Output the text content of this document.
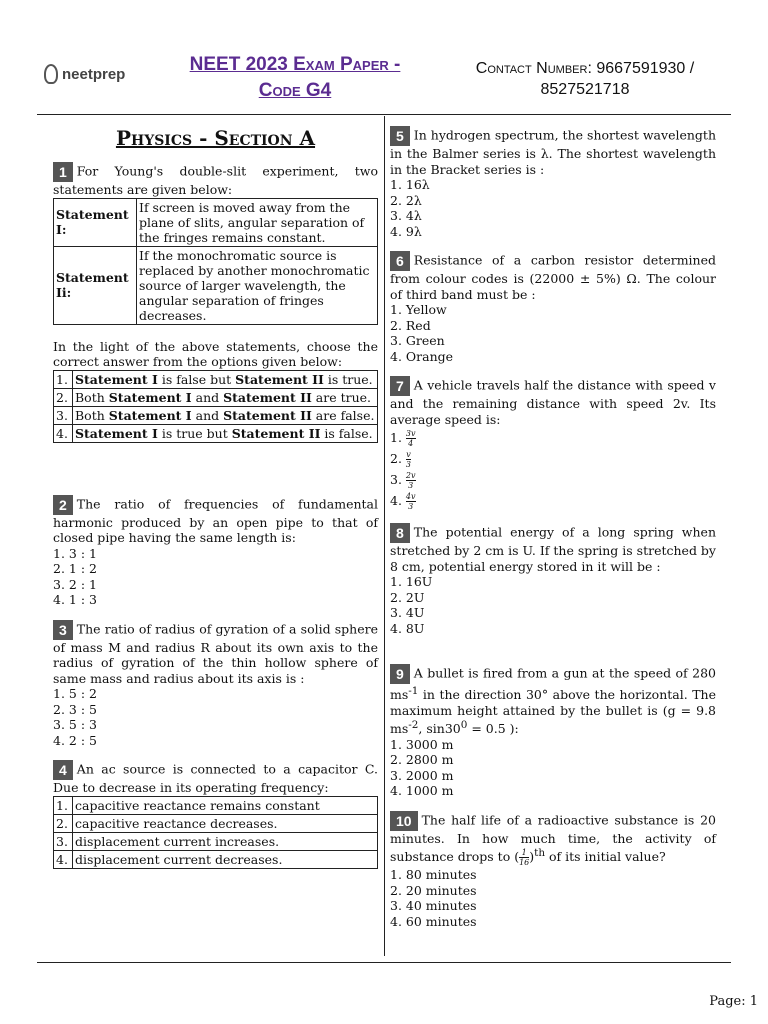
neetprep	NEET 2023 Exam Paper -
Code G4
Contact Number: 9667591930 /
8527521718
Physics - Section A

1 For Young's double-slit experiment, two statements are given below:

Statement I:	If screen is moved away from the plane of slits, angular separation of the fringes remains constant.
Statement Ii:	If the monochromatic source is replaced by another monochromatic source of larger wavelength, the angular separation of fringes decreases.

In the light of the above statements, choose the correct answer from the options given below:

1.	Statement I is false but Statement II is true.
2.	Both Statement I and Statement II are true.
3.	Both Statement I and Statement II are false.
4.	Statement I is true but Statement II is false.

2 The ratio of frequencies of fundamental harmonic produced by an open pipe to that of closed pipe having the same length is:

1. 3 : 1
2. 1 : 2
3. 2 : 1
4. 1 : 3

3 The ratio of radius of gyration of a solid sphere of mass M and radius R about its own axis to the radius of gyration of the thin hollow sphere of same mass and radius about its axis is :

1. 5 : 2
2. 3 : 5
3. 5 : 3
4. 2 : 5

4 An ac source is connected to a capacitor C. Due to decrease in its operating frequency:

1.	capacitive reactance remains constant
2.	capacitive reactance decreases.
3.	displacement current increases.
4.	displacement current decreases.

5 In hydrogen spectrum, the shortest wavelength in the Balmer series is λ. The shortest wavelength in the Bracket series is :

1. 16λ
2. 2λ
3. 4λ
4. 9λ

6 Resistance of a carbon resistor determined from colour codes is (22000 ± 5%) Ω. The colour of third band must be :

1. Yellow
2. Red
3. Green
4. Orange

7 A vehicle travels half the distance with speed v and the remaining distance with speed 2v. Its average speed is:

1. $\frac{3v}{4}$
2. $\frac{v}{3}$
3. $\frac{2v}{3}$
4. $\frac{4v}{3}$

8 The potential energy of a long spring when stretched by 2 cm is U. If the spring is stretched by 8 cm, potential energy stored in it will be :

1. 16U
2. 2U
3. 4U
4. 8U

9 A bullet is fired from a gun at the speed of 280 $ms^{-1}$ in the direction 30° above the horizontal. The maximum height attained by the bullet is (g = 9.8 $ms^{-2}$, $\sin 30^0 = 0.5$ ):

1. 3000 m
2. 2800 m
3. 2000 m
4. 1000 m

10 The half life of a radioactive substance is 20 minutes. In how much time, the activity of substance drops to ( $\frac{1}{16} )^{th}$ of its initial value?

1. 80 minutes
2. 20 minutes
3. 40 minutes
4. 60 minutes
Page: 1
